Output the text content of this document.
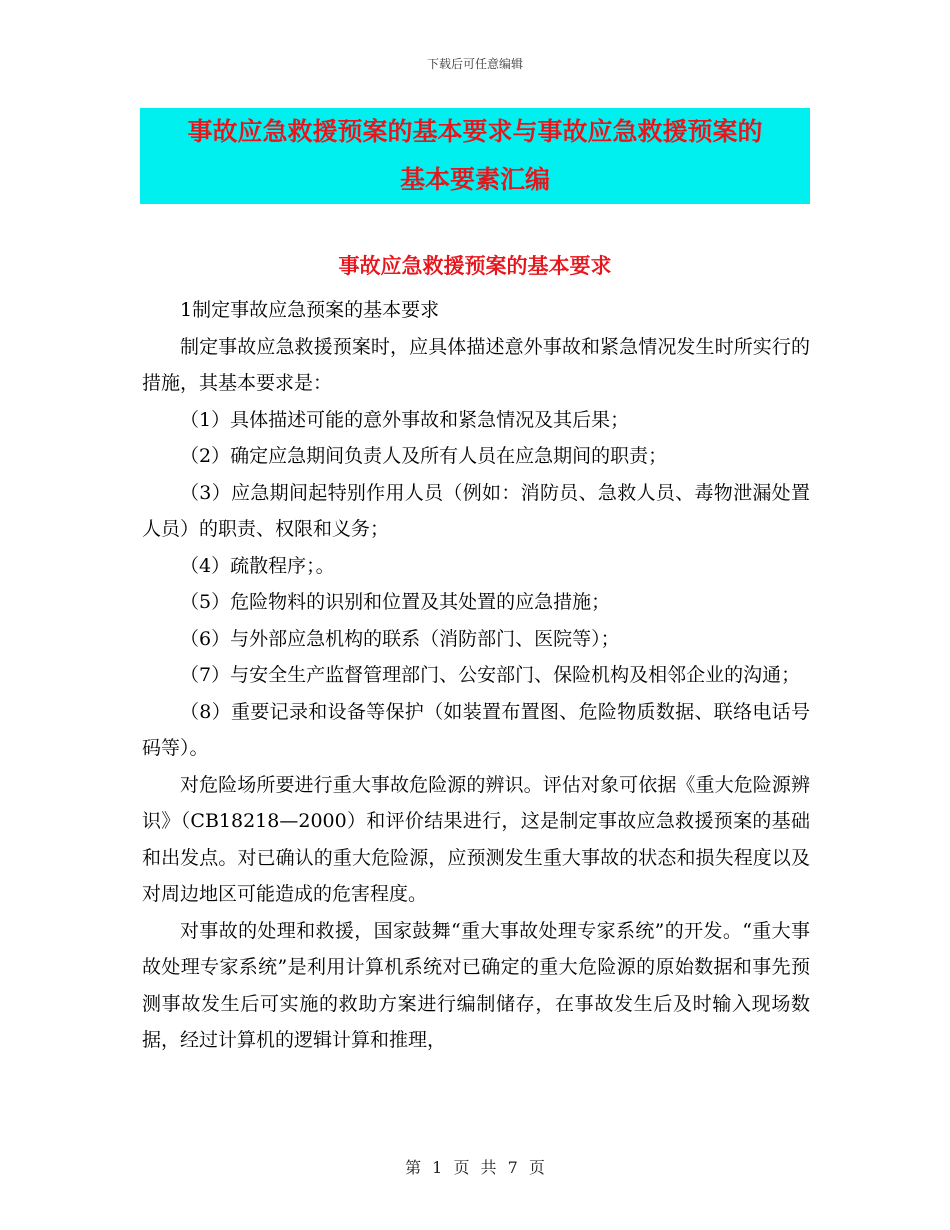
下载后可任意编辑
事故应急救援预案的基本要求与事故应急救援预案的
基本要素汇编
事故应急救援预案的基本要求

1制定事故应急预案的基本要求

制定事故应急救援预案时，应具体描述意外事故和紧急情况发生时所实行的措施，其基本要求是：

（1）具体描述可能的意外事故和紧急情况及其后果；

（2）确定应急期间负责人及所有人员在应急期间的职责；

（3）应急期间起特别作用人员（例如：消防员、急救人员、毒物泄漏处置人员）的职责、权限和义务；

（4）疏散程序；。

（5）危险物料的识别和位置及其处置的应急措施；

（6）与外部应急机构的联系（消防部门、医院等）；

（7）与安全生产监督管理部门、公安部门、保险机构及相邻企业的沟通；

（8）重要记录和设备等保护（如装置布置图、危险物质数据、联络电话号码等）。

对危险场所要进行重大事故危险源的辨识。评估对象可依据《重大危险源辨识》（CB18218—2000）和评价结果进行，这是制定事故应急救援预案的基础和出发点。对已确认的重大危险源，应预测发生重大事故的状态和损失程度以及对周边地区可能造成的危害程度。

对事故的处理和救援，国家鼓舞“重大事故处理专家系统”的开发。“重大事故处理专家系统”是利用计算机系统对已确定的重大危险源的原始数据和事先预测事故发生后可实施的救助方案进行编制储存，在事故发生后及时输入现场数据，经过计算机的逻辑计算和推理，

第 1 页 共 7 页
